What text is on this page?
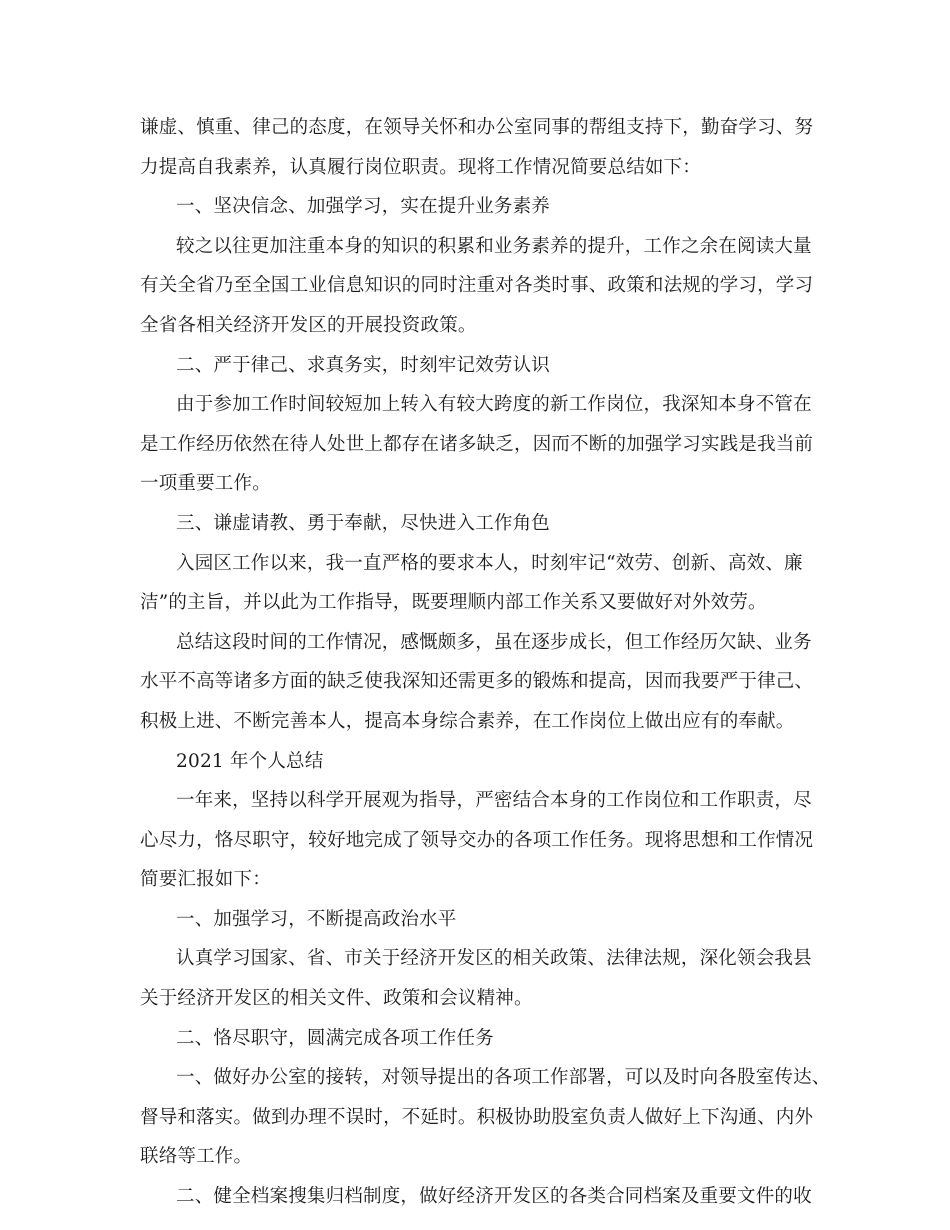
谦虚、慎重、律己的态度，在领导关怀和办公室同事的帮组支持下，勤奋学习、努
力提高自我素养，认真履行岗位职责。现将工作情况简要总结如下：
一、坚决信念、加强学习，实在提升业务素养
较之以往更加注重本身的知识的积累和业务素养的提升，工作之余在阅读大量
有关全省乃至全国工业信息知识的同时注重对各类时事、政策和法规的学习，学习
全省各相关经济开发区的开展投资政策。
二、严于律己、求真务实，时刻牢记效劳认识
由于参加工作时间较短加上转入有较大跨度的新工作岗位，我深知本身不管在
是工作经历依然在待人处世上都存在诸多缺乏，因而不断的加强学习实践是我当前
一项重要工作。
三、谦虚请教、勇于奉献，尽快进入工作角色
入园区工作以来，我一直严格的要求本人，时刻牢记“效劳、创新、高效、廉
洁”的主旨，并以此为工作指导，既要理顺内部工作关系又要做好对外效劳。
总结这段时间的工作情况，感慨颇多，虽在逐步成长，但工作经历欠缺、业务
水平不高等诸多方面的缺乏使我深知还需更多的锻炼和提高，因而我要严于律己、
积极上进、不断完善本人，提高本身综合素养，在工作岗位上做出应有的奉献。
2021 年个人总结
一年来，坚持以科学开展观为指导，严密结合本身的工作岗位和工作职责，尽
心尽力，恪尽职守，较好地完成了领导交办的各项工作任务。现将思想和工作情况
简要汇报如下：
一、加强学习，不断提高政治水平
认真学习国家、省、市关于经济开发区的相关政策、法律法规，深化领会我县
关于经济开发区的相关文件、政策和会议精神。
二、恪尽职守，圆满完成各项工作任务
一、做好办公室的接转，对领导提出的各项工作部署，可以及时向各股室传达、
督导和落实。做到办理不误时，不延时。积极协助股室负责人做好上下沟通、内外
联络等工作。
二、健全档案搜集归档制度，做好经济开发区的各类合同档案及重要文件的收
